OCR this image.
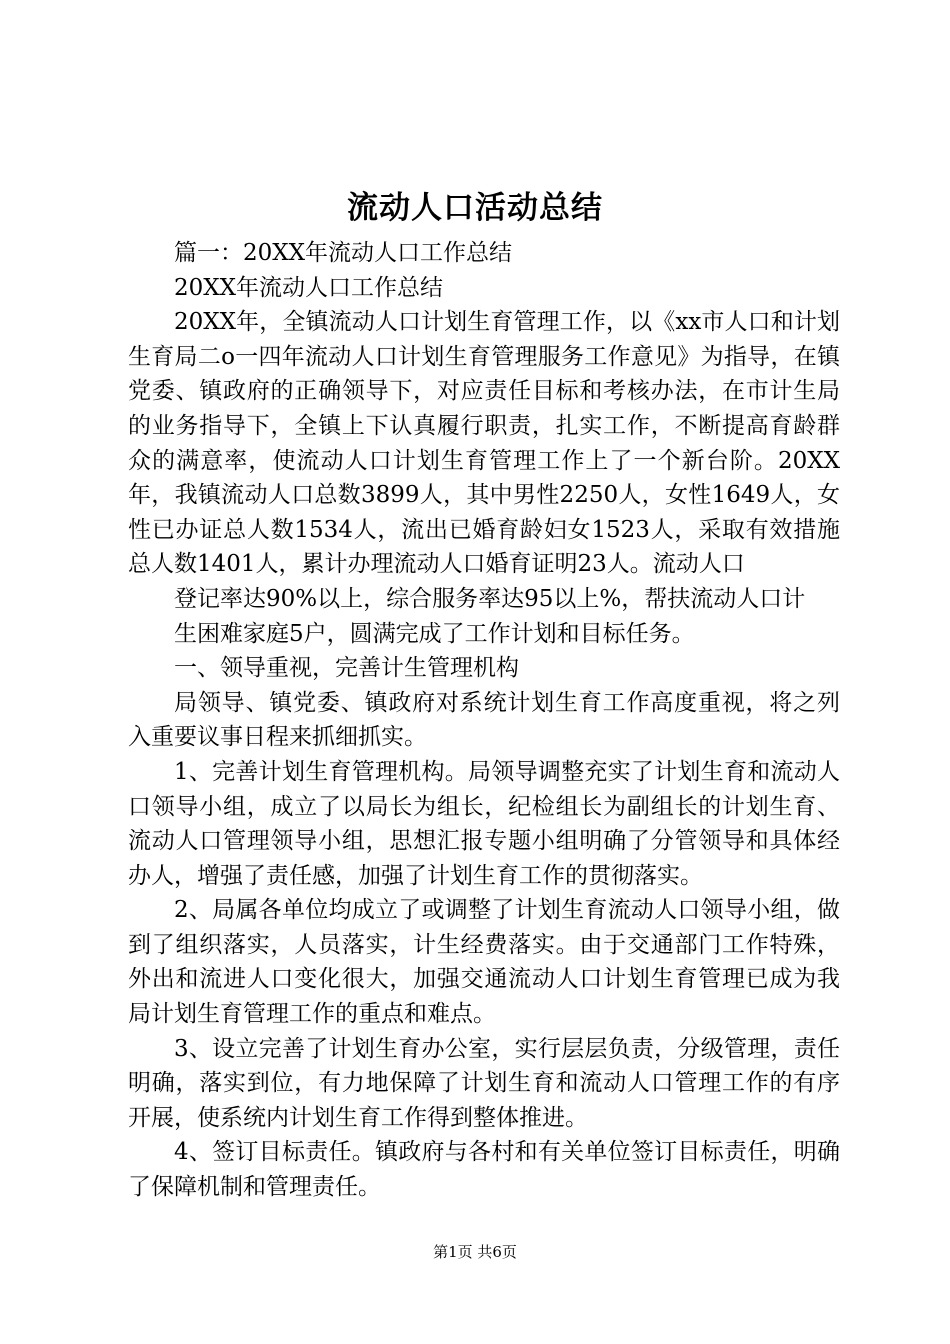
流动人口活动总结

篇一：20XX年流动人口工作总结

20XX年流动人口工作总结

20XX年，全镇流动人口计划生育管理工作，以《xx市人口和计划生育局二o一四年流动人口计划生育管理服务工作意见》为指导，在镇党委、镇政府的正确领导下，对应责任目标和考核办法，在市计生局的业务指导下，全镇上下认真履行职责，扎实工作，不断提高育龄群众的满意率，使流动人口计划生育管理工作上了一个新台阶。20XX年，我镇流动人口总数3899人，其中男性2250人，女性1649人，女性已办证总人数1534人，流出已婚育龄妇女1523人，采取有效措施总人数1401人，累计办理流动人口婚育证明23人。流动人口

登记率达90%以上，综合服务率达95以上%，帮扶流动人口计

生困难家庭5户，圆满完成了工作计划和目标任务。

一、领导重视，完善计生管理机构

局领导、镇党委、镇政府对系统计划生育工作高度重视，将之列入重要议事日程来抓细抓实。

1、完善计划生育管理机构。局领导调整充实了计划生育和流动人口领导小组，成立了以局长为组长，纪检组长为副组长的计划生育、流动人口管理领导小组，思想汇报专题小组明确了分管领导和具体经办人，增强了责任感，加强了计划生育工作的贯彻落实。

2、局属各单位均成立了或调整了计划生育流动人口领导小组，做到了组织落实，人员落实，计生经费落实。由于交通部门工作特殊，外出和流进人口变化很大，加强交通流动人口计划生育管理已成为我局计划生育管理工作的重点和难点。

3、设立完善了计划生育办公室，实行层层负责，分级管理，责任明确，落实到位，有力地保障了计划生育和流动人口管理工作的有序开展，使系统内计划生育工作得到整体推进。

4、签订目标责任。镇政府与各村和有关单位签订目标责任，明确了保障机制和管理责任。

第1页 共6页
